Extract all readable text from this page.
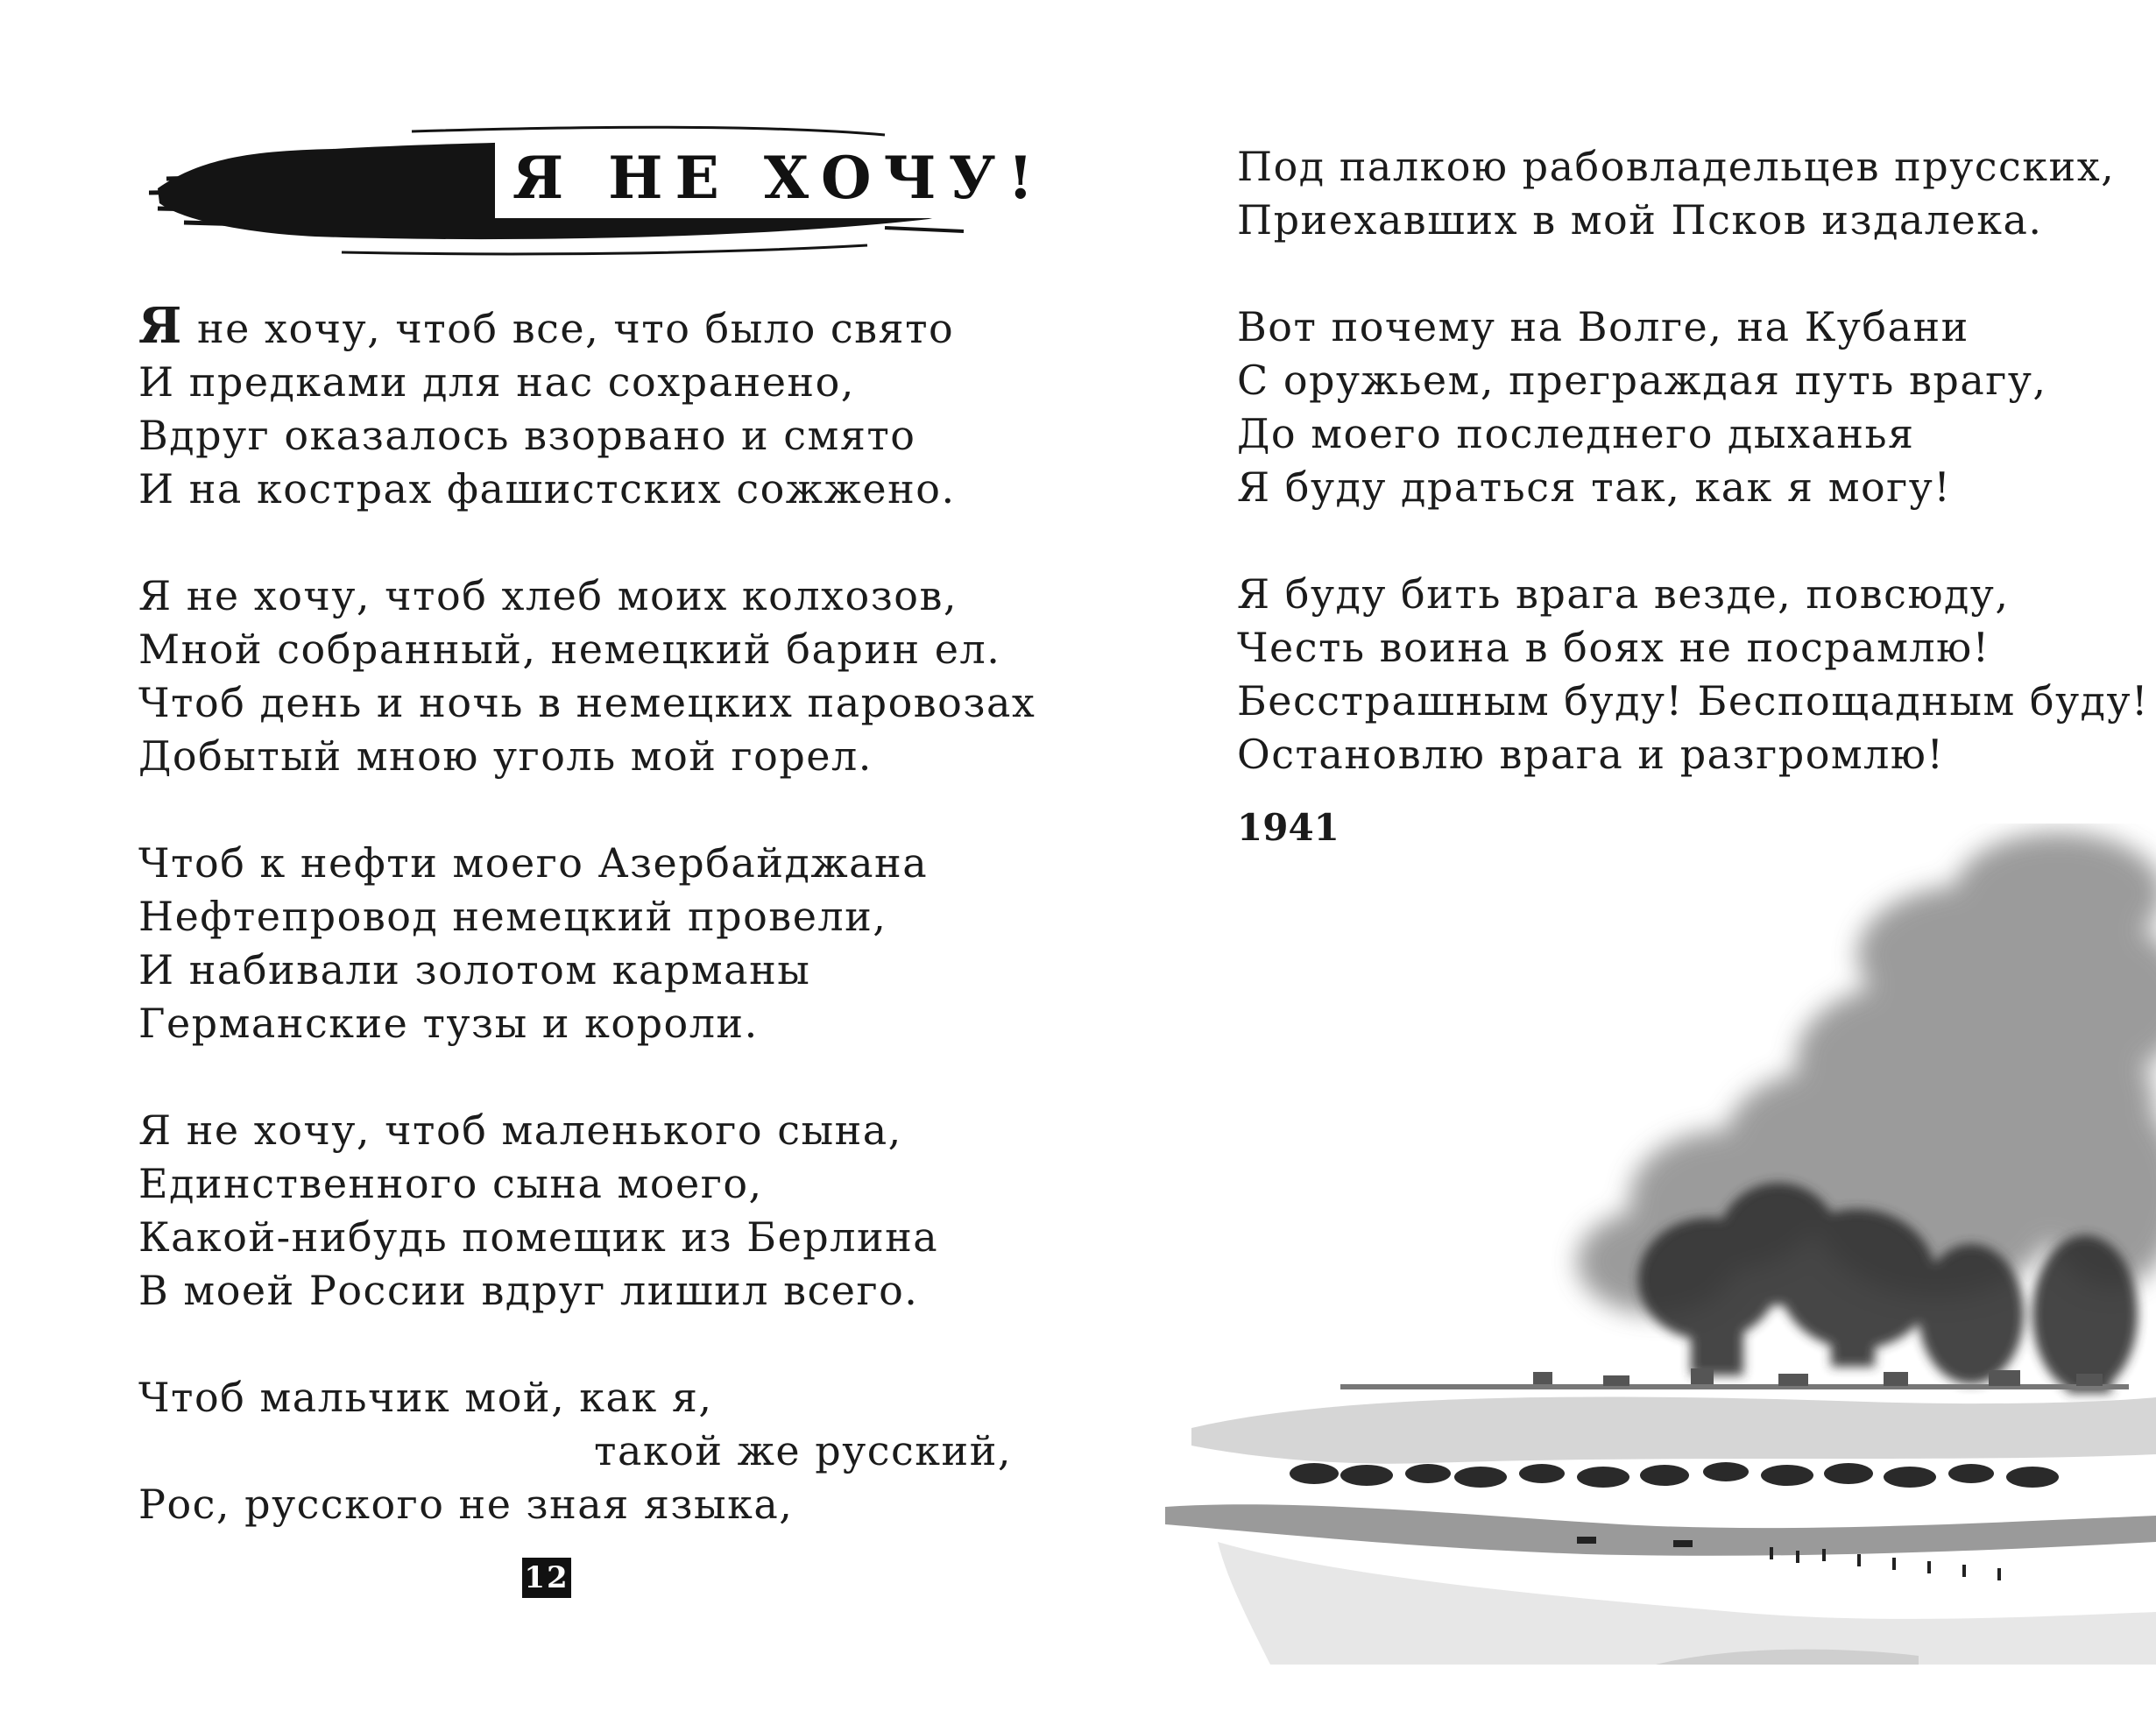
Я НЕ ХОЧУ!
Я не хочу, чтоб все, что было свято
И предками для нас сохранено,
Вдруг оказалось взорвано и смято
И на кострах фашистских сожжено.
Я не хочу, чтоб хлеб моих колхозов,
Мной собранный, немецкий барин ел.
Чтоб день и ночь в немецких паровозах
Добытый мною уголь мой горел.
Чтоб к нефти моего Азербайджана
Нефтепровод немецкий провели,
И набивали золотом карманы
Германские тузы и короли.
Я не хочу, чтоб маленького сына,
Единственного сына моего,
Какой-нибудь помещик из Берлина
В моей России вдруг лишил всего.
Чтоб мальчик мой, как я,
такой же русский,
Рос, русского не зная языка,
12
Под палкою рабовладельцев прусских,
Приехавших в мой Псков издалека.
Вот почему на Волге, на Кубани
С оружьем, преграждая путь врагу,
До моего последнего дыханья
Я буду драться так, как я могу!
Я буду бить врага везде, повсюду,
Честь воина в боях не посрамлю!
Бесстрашным буду! Беспощадным буду!
Остановлю врага и разгромлю!
1941
